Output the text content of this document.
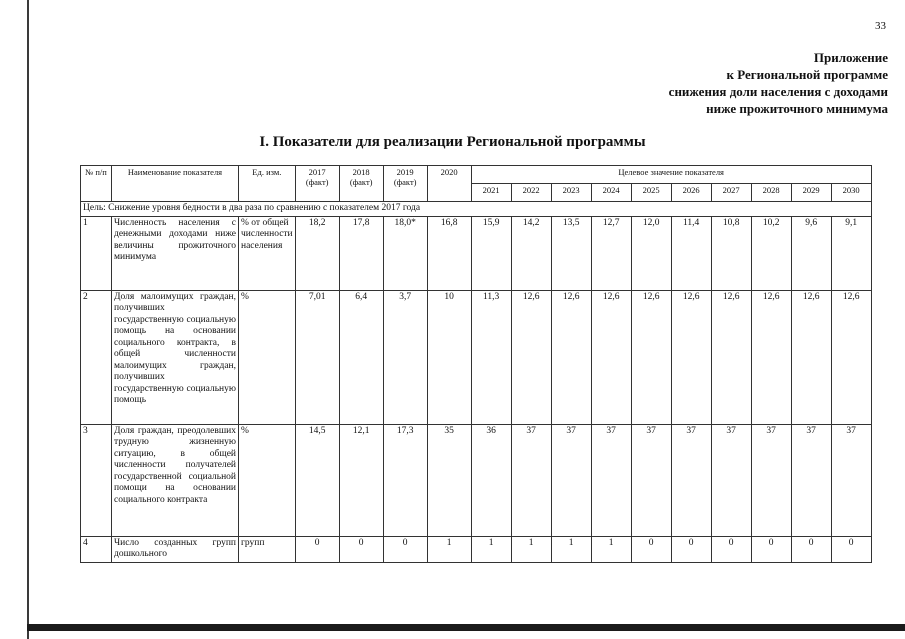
33
Приложение
к Региональной программе
снижения доли населения с доходами
ниже прожиточного минимума
I. Показатели для реализации Региональной программы
№ п/п	Наименование показателя	Ед. изм.	2017 (факт)	2018 (факт)	2019 (факт)	2020	Целевое значение показателя									
							2021	2022	2023	2024	2025	2026	2027	2028	2029	2030
Цель: Снижение уровня бедности в два раза по сравнению с показателем 2017 года																
1	Численность населения с денежными доходами ниже величины прожиточного минимума	% от общей численности населения	18,2	17,8	18,0*	16,8	15,9	14,2	13,5	12,7	12,0	11,4	10,8	10,2	9,6	9,1
2	Доля малоимущих граждан, получивших государственную социальную помощь на основании социального контракта, в общей численности малоимущих граждан, получивших государственную социальную помощь	%	7,01	6,4	3,7	10	11,3	12,6	12,6	12,6	12,6	12,6	12,6	12,6	12,6	12,6
3	Доля граждан, преодолевших трудную жизненную ситуацию, в общей численности получателей государственной социальной помощи на основании социального контракта	%	14,5	12,1	17,3	35	36	37	37	37	37	37	37	37	37	37
4	Число созданных групп дошкольного	групп	0	0	0	1	1	1	1	1	0	0	0	0	0	0
